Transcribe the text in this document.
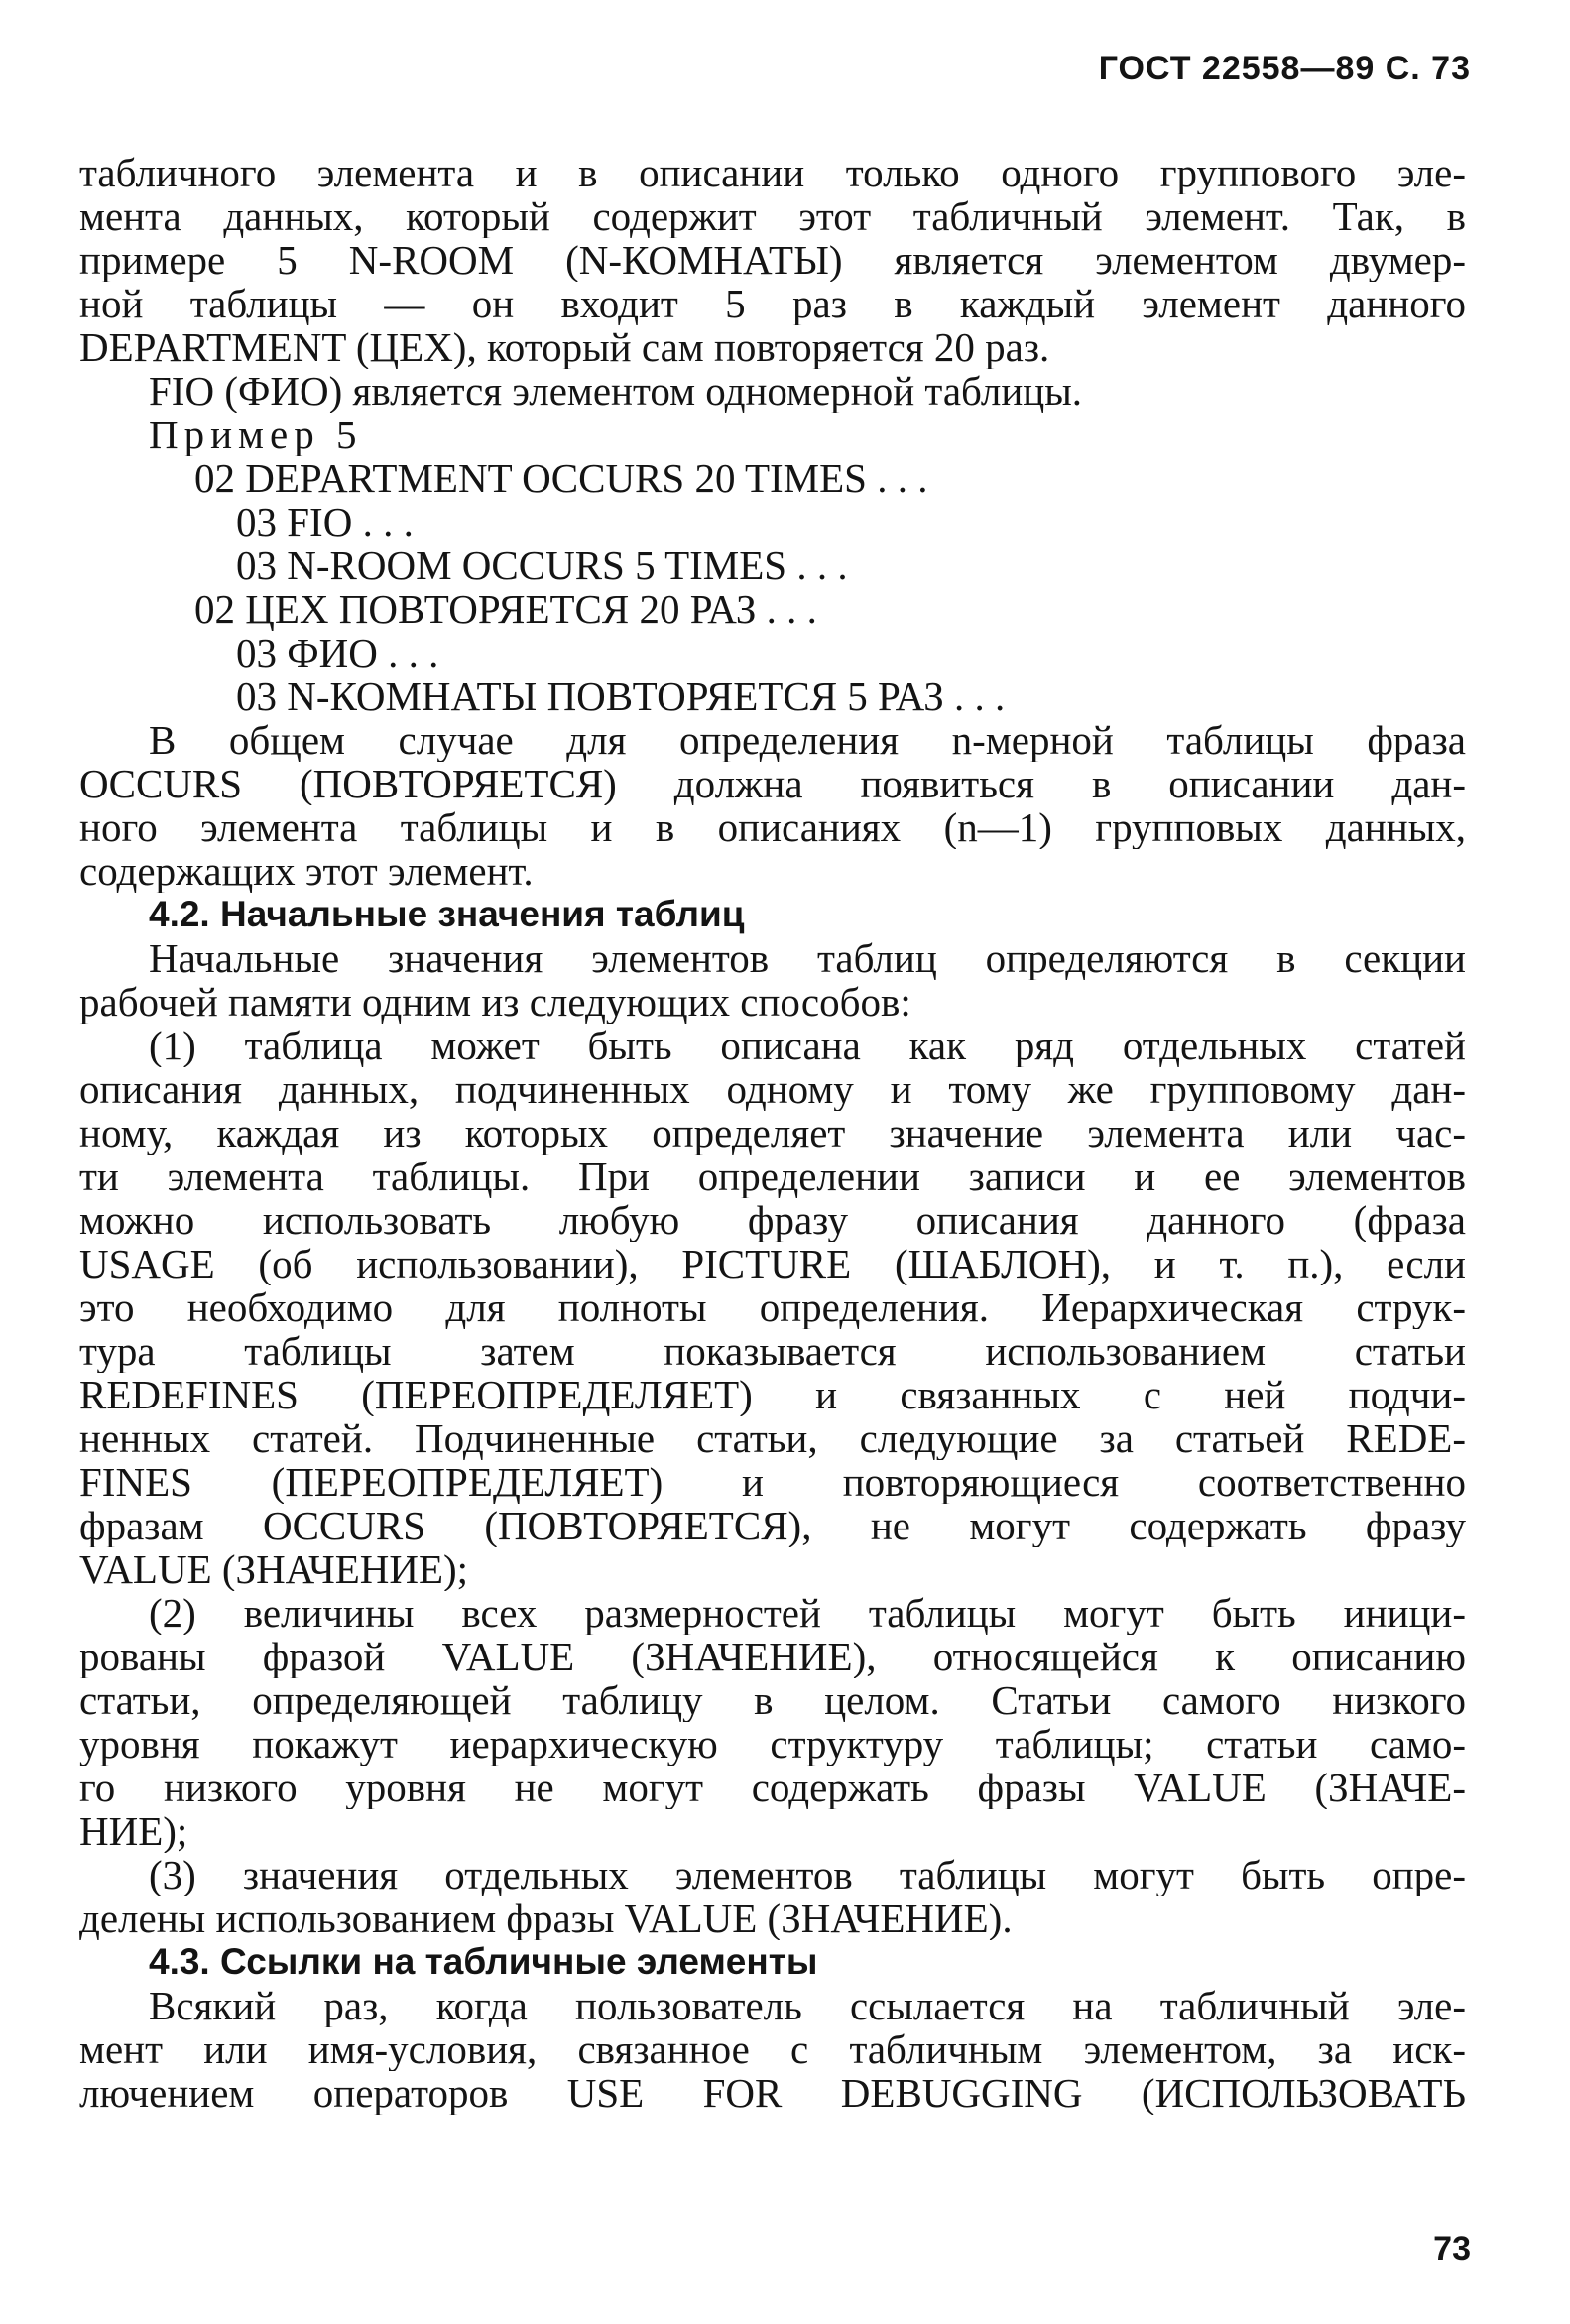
ГОСТ 22558—89 С. 73
табличного элемента и в описании только одного группового эле-
мента данных, который содержит этот табличный элемент. Так, в
примере 5 N-ROOM (N-КОМНАТЫ) является элементом двумер-
ной таблицы — он входит 5 раз в каждый элемент данного
DEPARTMENT (ЦЕХ), который сам повторяется 20 раз.
FIO (ФИО) является элементом одномерной таблицы.
Пример 5
02 DEPARTMENT OCCURS 20 TIMES . . .
03 FIO . . .
03 N-ROOM OCCURS 5 TIMES . . .
02 ЦЕХ ПОВТОРЯЕТСЯ 20 РАЗ . . .
03 ФИО . . .
03 N-КОМНАТЫ ПОВТОРЯЕТСЯ 5 РАЗ . . .
В общем случае для определения n-мерной таблицы фраза
OCCURS (ПОВТОРЯЕТСЯ) должна появиться в описании дан-
ного элемента таблицы и в описаниях (n—1) групповых данных,
содержащих этот элемент.
4.2. Начальные значения таблиц
Начальные значения элементов таблиц определяются в секции
рабочей памяти одним из следующих способов:
(1) таблица может быть описана как ряд отдельных статей
описания данных, подчиненных одному и тому же групповому дан-
ному, каждая из которых определяет значение элемента или час-
ти элемента таблицы. При определении записи и ее элементов
можно использовать любую фразу описания данного (фраза
USAGE (об использовании), PICTURE (ШАБЛОН), и т. п.), если
это необходимо для полноты определения. Иерархическая струк-
тура таблицы затем показывается использованием статьи
REDEFINES (ПЕРЕОПРЕДЕЛЯЕТ) и связанных с ней подчи-
ненных статей. Подчиненные статьи, следующие за статьей REDE-
FINES (ПЕРЕОПРЕДЕЛЯЕТ) и повторяющиеся соответственно
фразам OCCURS (ПОВТОРЯЕТСЯ), не могут содержать фразу
VALUE (ЗНАЧЕНИЕ);
(2) величины всех размерностей таблицы могут быть иници-
рованы фразой VALUE (ЗНАЧЕНИЕ), относящейся к описанию
статьи, определяющей таблицу в целом. Статьи самого низкого
уровня покажут иерархическую структуру таблицы; статьи само-
го низкого уровня не могут содержать фразы VALUE (ЗНАЧЕ-
НИЕ);
(3) значения отдельных элементов таблицы могут быть опре-
делены использованием фразы VALUE (ЗНАЧЕНИЕ).
4.3. Ссылки на табличные элементы
Всякий раз, когда пользователь ссылается на табличный эле-
мент или имя-условия, связанное с табличным элементом, за иск-
лючением операторов USE FOR DEBUGGING (ИСПОЛЬЗОВАТЬ
73
